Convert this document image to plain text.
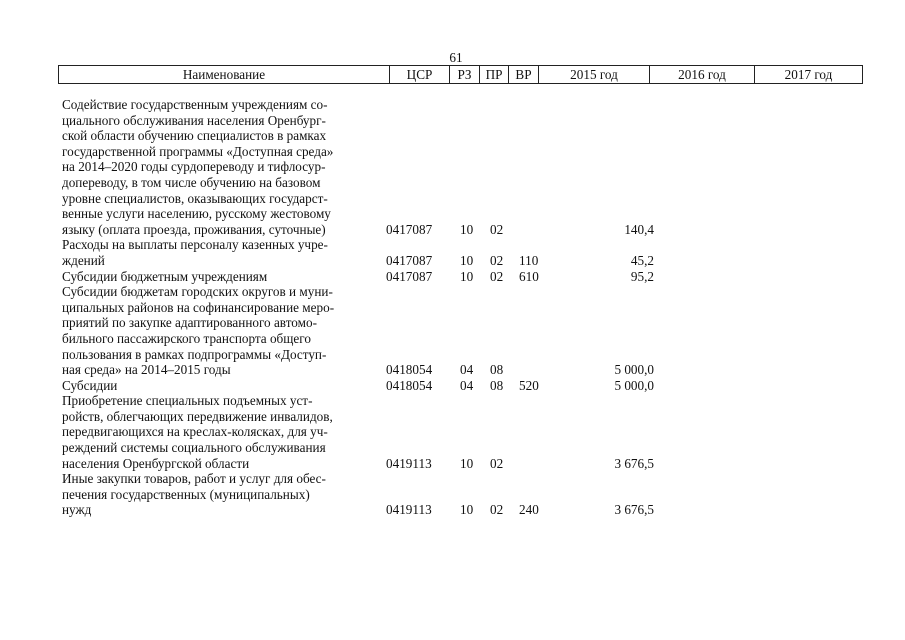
61
Наименование	ЦСР	РЗ	ПР ВР	2015 год	2016 год	2017 год
Содействие государственным учреждениям со-
циального обслуживания населения Оренбург-
ской области обучению специалистов в рамках
государственной программы «Доступная среда»
на 2014–2020 годы сурдопереводу и тифлосур-
допереводу, в том числе обучению на базовом
уровне специалистов, оказывающих государст-
венные услуги населению, русскому жестовому
языку (оплата проезда, проживания, суточные)	0417087 10 02	140,4
Расходы на выплаты персоналу казенных учре-
ждений	0417087 10 02 110	45,2
Субсидии бюджетным учреждениям	0417087 10 02 610	95,2
Субсидии бюджетам городских округов и муни-
ципальных районов на софинансирование меро-
приятий по закупке адаптированного автомо-
бильного пассажирского транспорта общего
пользования в рамках подпрограммы «Доступ-
ная среда» на 2014–2015 годы	0418054 04 08	5 000,0
Субсидии	0418054 04 08 520	5 000,0
Приобретение специальных подъемных уст-
ройств, облегчающих передвижение инвалидов,
передвигающихся на креслах-колясках, для уч-
реждений системы социального обслуживания
населения Оренбургской области	0419113 10 02	3 676,5
Иные закупки товаров, работ и услуг для обес-
печения государственных (муниципальных)
нужд	0419113 10 02 240	3 676,5
